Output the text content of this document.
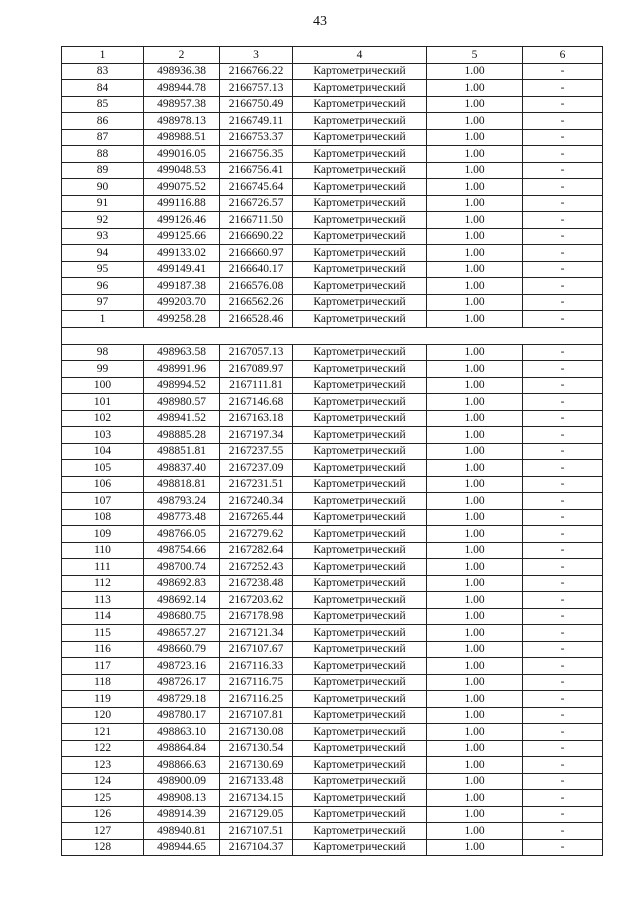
43
1	2	3	4	5	6
83	498936.38	2166766.22	Картометрический	1.00	-
84	498944.78	2166757.13	Картометрический	1.00	-
85	498957.38	2166750.49	Картометрический	1.00	-
86	498978.13	2166749.11	Картометрический	1.00	-
87	498988.51	2166753.37	Картометрический	1.00	-
88	499016.05	2166756.35	Картометрический	1.00	-
89	499048.53	2166756.41	Картометрический	1.00	-
90	499075.52	2166745.64	Картометрический	1.00	-
91	499116.88	2166726.57	Картометрический	1.00	-
92	499126.46	2166711.50	Картометрический	1.00	-
93	499125.66	2166690.22	Картометрический	1.00	-
94	499133.02	2166660.97	Картометрический	1.00	-
95	499149.41	2166640.17	Картометрический	1.00	-
96	499187.38	2166576.08	Картометрический	1.00	-
97	499203.70	2166562.26	Картометрический	1.00	-
1	499258.28	2166528.46	Картометрический	1.00	-

98	498963.58	2167057.13	Картометрический	1.00	-
99	498991.96	2167089.97	Картометрический	1.00	-
100	498994.52	2167111.81	Картометрический	1.00	-
101	498980.57	2167146.68	Картометрический	1.00	-
102	498941.52	2167163.18	Картометрический	1.00	-
103	498885.28	2167197.34	Картометрический	1.00	-
104	498851.81	2167237.55	Картометрический	1.00	-
105	498837.40	2167237.09	Картометрический	1.00	-
106	498818.81	2167231.51	Картометрический	1.00	-
107	498793.24	2167240.34	Картометрический	1.00	-
108	498773.48	2167265.44	Картометрический	1.00	-
109	498766.05	2167279.62	Картометрический	1.00	-
110	498754.66	2167282.64	Картометрический	1.00	-
111	498700.74	2167252.43	Картометрический	1.00	-
112	498692.83	2167238.48	Картометрический	1.00	-
113	498692.14	2167203.62	Картометрический	1.00	-
114	498680.75	2167178.98	Картометрический	1.00	-
115	498657.27	2167121.34	Картометрический	1.00	-
116	498660.79	2167107.67	Картометрический	1.00	-
117	498723.16	2167116.33	Картометрический	1.00	-
118	498726.17	2167116.75	Картометрический	1.00	-
119	498729.18	2167116.25	Картометрический	1.00	-
120	498780.17	2167107.81	Картометрический	1.00	-
121	498863.10	2167130.08	Картометрический	1.00	-
122	498864.84	2167130.54	Картометрический	1.00	-
123	498866.63	2167130.69	Картометрический	1.00	-
124	498900.09	2167133.48	Картометрический	1.00	-
125	498908.13	2167134.15	Картометрический	1.00	-
126	498914.39	2167129.05	Картометрический	1.00	-
127	498940.81	2167107.51	Картометрический	1.00	-
128	498944.65	2167104.37	Картометрический	1.00	-
